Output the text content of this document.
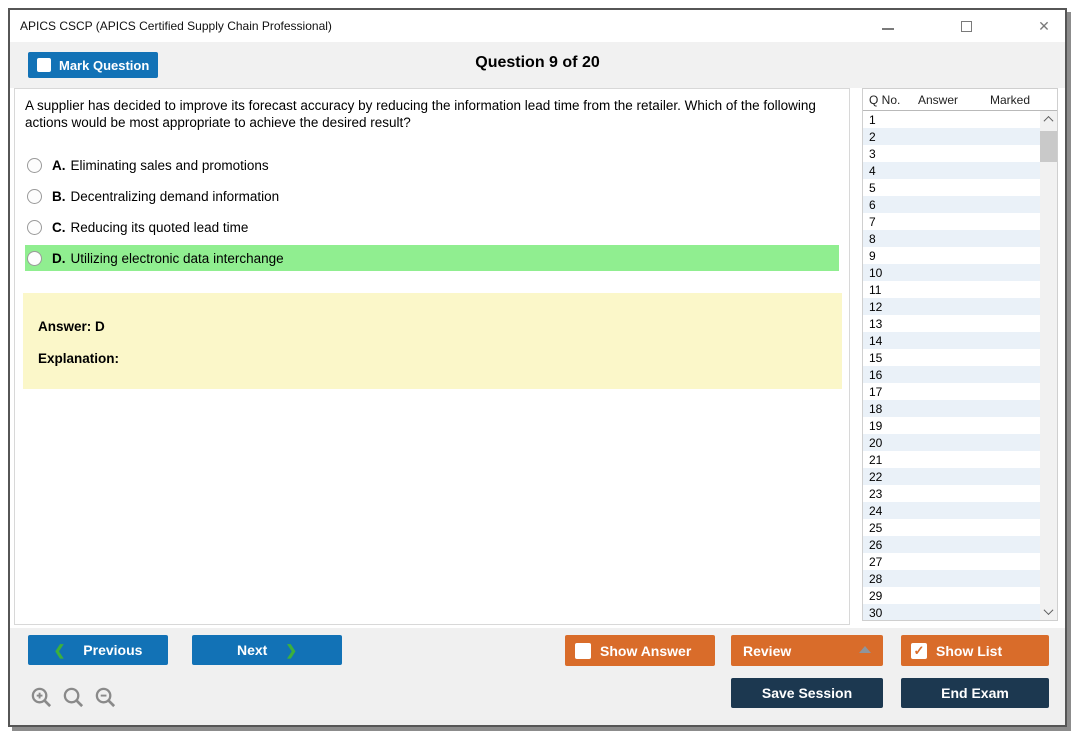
APICS CSCP (APICS Certified Supply Chain Professional)	✕
Mark Question	Question 9 of 20
A supplier has decided to improve its forecast accuracy by reducing the information lead time from the retailer. Which of the following actions would be most appropriate to achieve the desired result?
A. Eliminating sales and promotions
B. Decentralizing demand information
C. Reducing its quoted lead time
D. Utilizing electronic data interchange
Answer: D
Explanation:
Q No.	Answer	Marked
1
2
3
4
5
6
7
8
9
10
11
12
13
14
15
16
17
18
19
20
21
22
23
24
25
26
27
28
29
30
❮ Previous	Next ❯	Show Answer	Review	✓ Show List
Save Session	End Exam
